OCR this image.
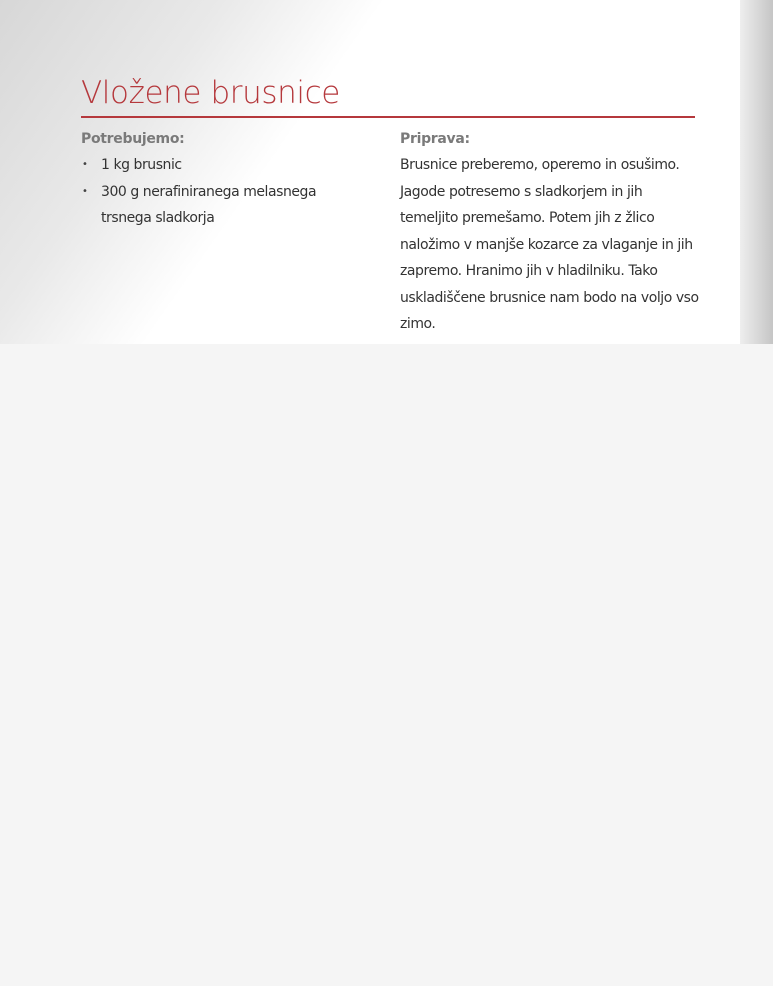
Vložene brusnice
Potrebujemo:
• 1 kg brusnic
• 300 g nerafiniranega melasnega trsnega sladkorja
Priprava:

Brusnice preberemo, operemo in osušimo. Jagode potresemo s sladkorjem in jih temeljito premešamo. Potem jih z žlico naložimo v manjše kozarce za vlaganje in jih zapremo. Hranimo jih v hladilniku. Tako uskladiščene brusnice nam bodo na voljo vso zimo.
